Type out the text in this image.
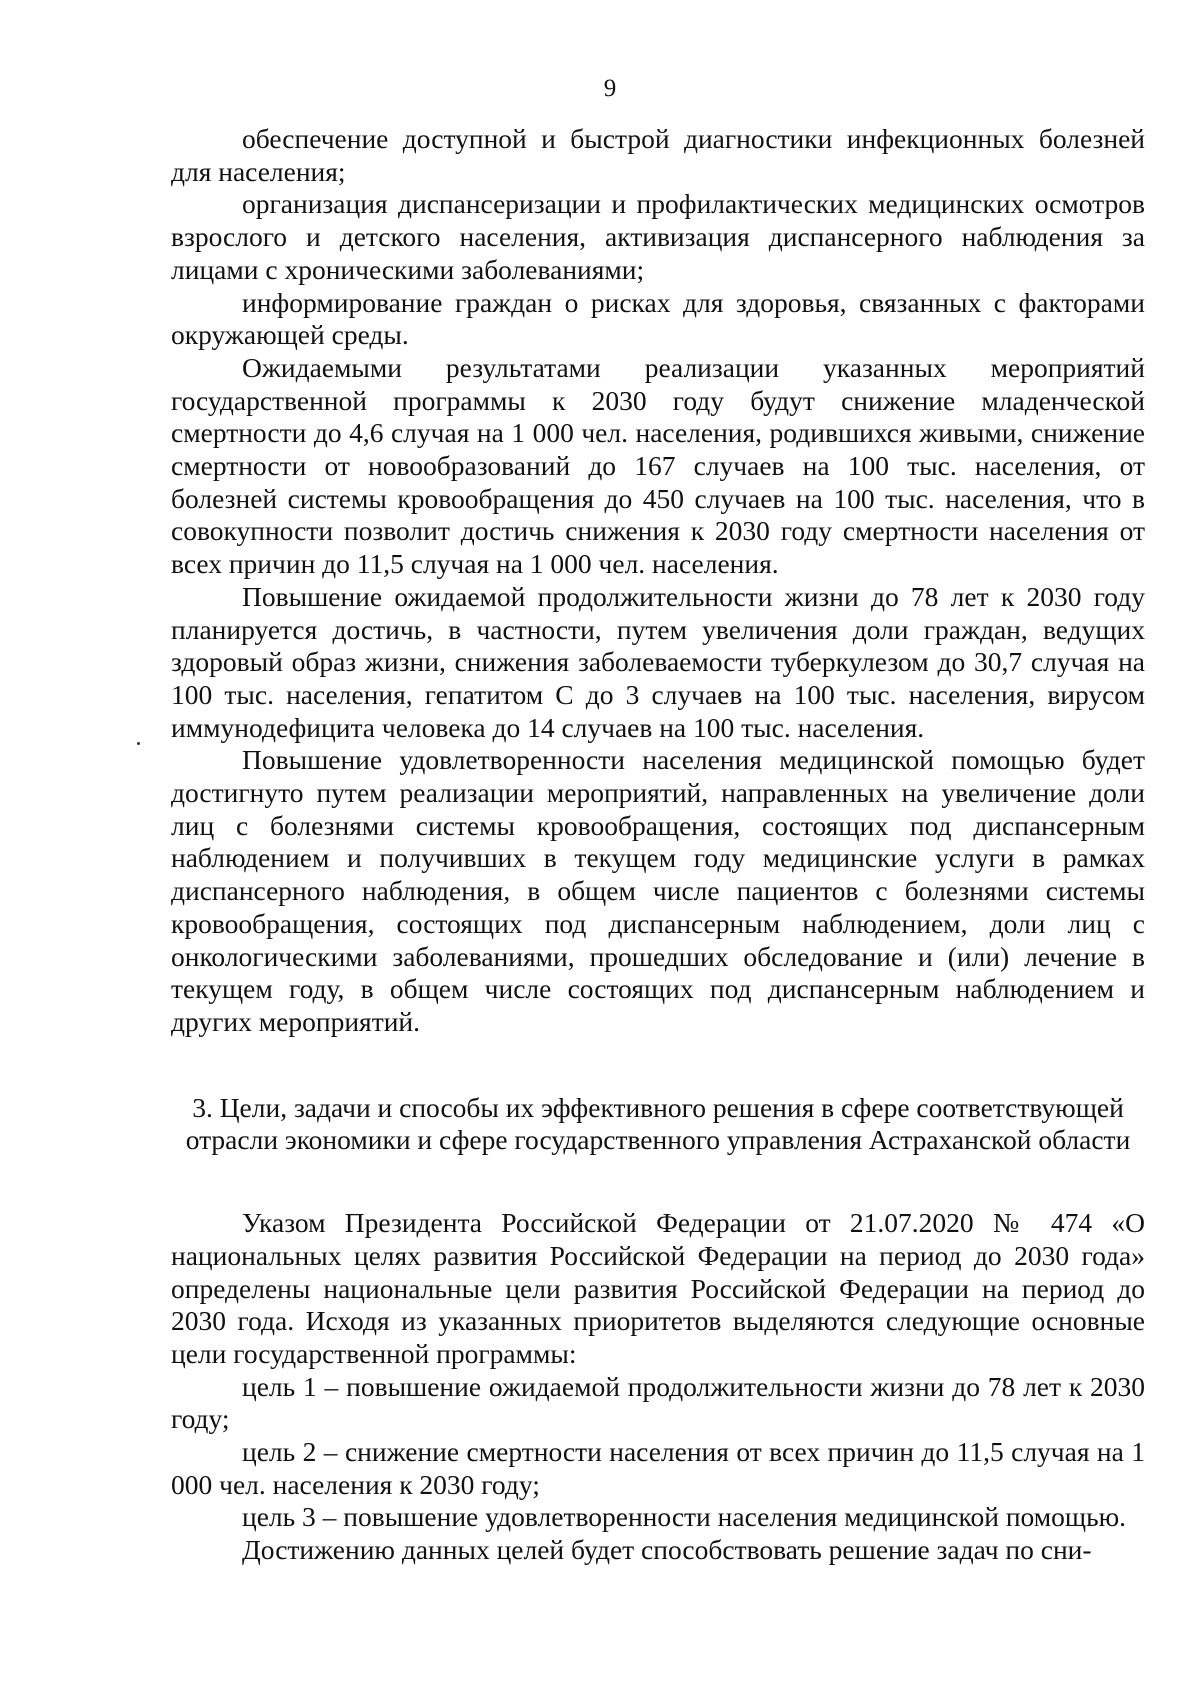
9

обеспечение доступной и быстрой диагностики инфекционных болезней для населения;

организация диспансеризации и профилактических медицинских осмотров взрослого и детского населения, активизация диспансерного наблюдения за лицами с хроническими заболеваниями;

информирование граждан о рисках для здоровья, связанных с факторами окружающей среды.

Ожидаемыми результатами реализации указанных мероприятий государственной программы к 2030 году будут снижение младенческой смертности до 4,6 случая на 1 000 чел. населения, родившихся живыми, снижение смертности от новообразований до 167 случаев на 100 тыс. населения, от болезней системы кровообращения до 450 случаев на 100 тыс. населения, что в совокупности позволит достичь снижения к 2030 году смертности населения от всех причин до 11,5 случая на 1 000 чел. населения.

Повышение ожидаемой продолжительности жизни до 78 лет к 2030 году планируется достичь, в частности, путем увеличения доли граждан, ведущих здоровый образ жизни, снижения заболеваемости туберкулезом до 30,7 случая на 100 тыс. населения, гепатитом С до 3 случаев на 100 тыс. населения, вирусом иммунодефицита человека до 14 случаев на 100 тыс. населения.

Повышение удовлетворенности населения медицинской помощью будет достигнуто путем реализации мероприятий, направленных на увеличение доли лиц с болезнями системы кровообращения, состоящих под диспансерным наблюдением и получивших в текущем году медицинские услуги в рамках диспансерного наблюдения, в общем числе пациентов с болезнями системы кровообращения, состоящих под диспансерным наблюдением, доли лиц с онкологическими заболеваниями, прошедших обследование и (или) лечение в текущем году, в общем числе состоящих под диспансерным наблюдением и других мероприятий.

3. Цели, задачи и способы их эффективного решения в сфере соответствующей отрасли экономики и сфере государственного управления Астраханской области

Указом Президента Российской Федерации от 21.07.2020 № 474 «О национальных целях развития Российской Федерации на период до 2030 года» определены национальные цели развития Российской Федерации на период до 2030 года. Исходя из указанных приоритетов выделяются следующие основные цели государственной программы:

цель 1 – повышение ожидаемой продолжительности жизни до 78 лет к 2030 году;

цель 2 – снижение смертности населения от всех причин до 11,5 случая на 1 000 чел. населения к 2030 году;

цель 3 – повышение удовлетворенности населения медицинской помощью.

Достижению данных целей будет способствовать решение задач по сни-
